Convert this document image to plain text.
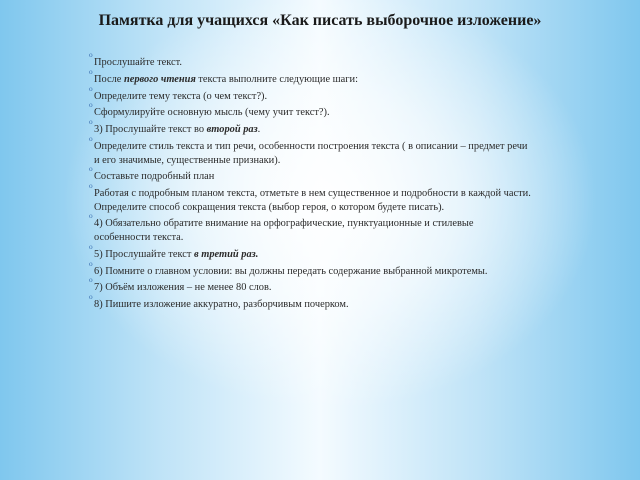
Памятка для учащихся «Как писать выборочное изложение»
⁰ Прослушайте текст.
⁰ После первого чтения текста выполните следующие шаги:
⁰ Определите тему текста (о чем текст?).
⁰ Сформулируйте основную мысль (чему учит текст?).
⁰ 3) Прослушайте текст во второй раз.
⁰ Определите стиль текста и тип речи, особенности построения текста ( в описании – предмет речи и его значимые, существенные признаки).
⁰ Составьте подробный план
⁰ Работая с подробным планом текста, отметьте в нем существенное и подробности в каждой части. Определите способ сокращения текста (выбор героя, о котором будете писать).
⁰ 4) Обязательно обратите внимание на орфографические, пунктуационные и стилевые особенности текста.
⁰ 5) Прослушайте текст в третий раз.
⁰ 6) Помните о главном условии: вы должны передать содержание выбранной микротемы.
⁰ 7) Объём изложения – не менее 80 слов.
⁰ 8) Пишите изложение аккуратно, разборчивым почерком.
